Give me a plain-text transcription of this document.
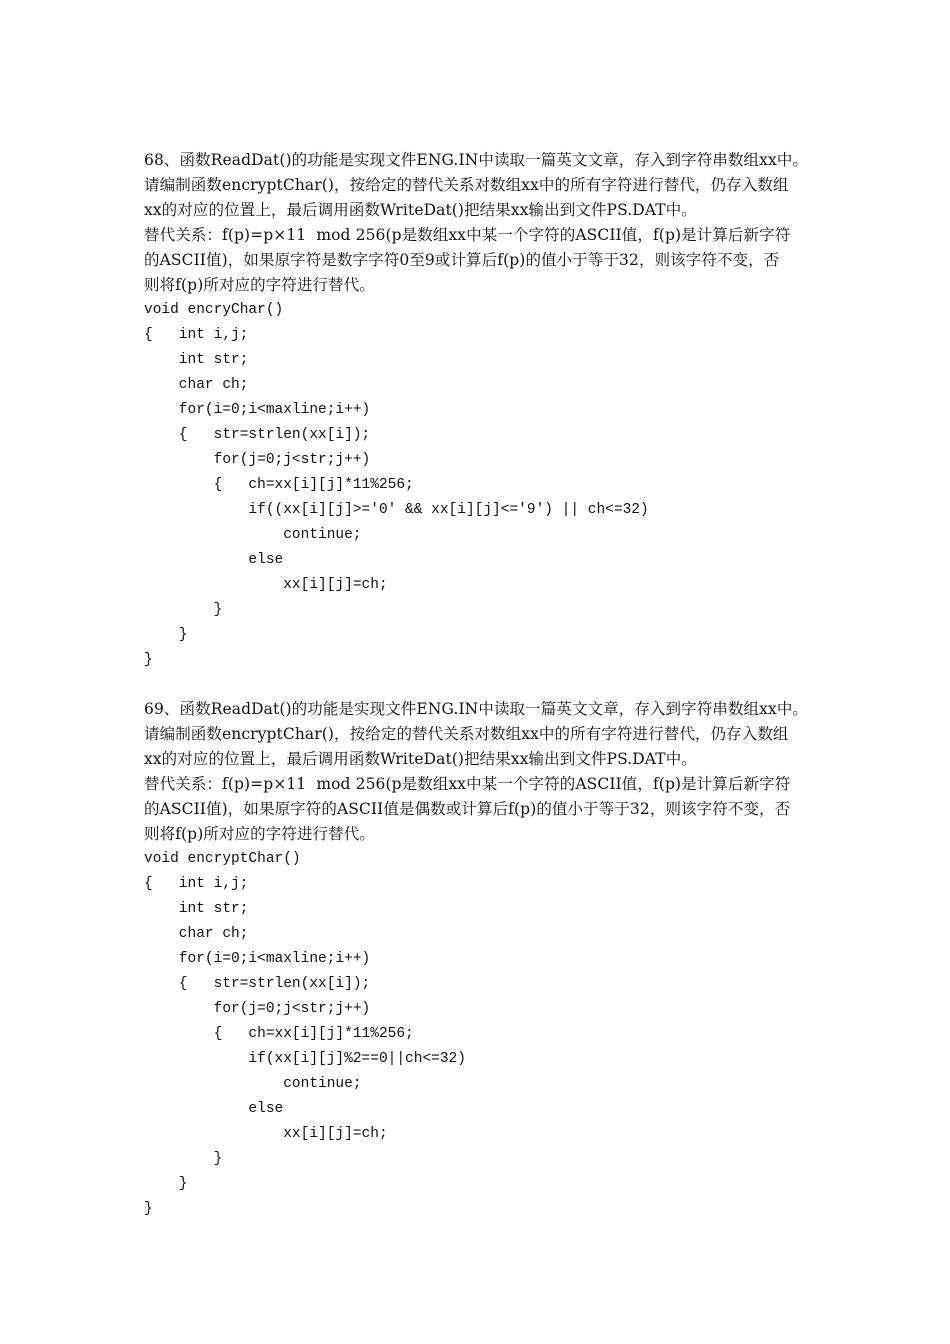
68、函数ReadDat()的功能是实现文件ENG.IN中读取一篇英文文章，存入到字符串数组xx中。
请编制函数encryptChar()，按给定的替代关系对数组xx中的所有字符进行替代，仍存入数组
xx的对应的位置上，最后调用函数WriteDat()把结果xx输出到文件PS.DAT中。
替代关系：f(p)=p×11  mod 256(p是数组xx中某一个字符的ASCII值，f(p)是计算后新字符
的ASCII值)，如果原字符是数字字符0至9或计算后f(p)的值小于等于32，则该字符不变，否
则将f(p)所对应的字符进行替代。
void encryChar()
{   int i,j;
int str;
char ch;
for(i=0;i<maxline;i++)
{   str=strlen(xx[i]);
for(j=0;j<str;j++)
{   ch=xx[i][j]*11%256;
if((xx[i][j]>='0' && xx[i][j]<='9') || ch<=32)
continue;
else
xx[i][j]=ch;
}
}
}
69、函数ReadDat()的功能是实现文件ENG.IN中读取一篇英文文章，存入到字符串数组xx中。
请编制函数encryptChar()，按给定的替代关系对数组xx中的所有字符进行替代，仍存入数组
xx的对应的位置上，最后调用函数WriteDat()把结果xx输出到文件PS.DAT中。
替代关系：f(p)=p×11  mod 256(p是数组xx中某一个字符的ASCII值，f(p)是计算后新字符
的ASCII值)，如果原字符的ASCII值是偶数或计算后f(p)的值小于等于32，则该字符不变，否
则将f(p)所对应的字符进行替代。
void encryptChar()
{   int i,j;
int str;
char ch;
for(i=0;i<maxline;i++)
{   str=strlen(xx[i]);
for(j=0;j<str;j++)
{   ch=xx[i][j]*11%256;
if(xx[i][j]%2==0||ch<=32)
continue;
else
xx[i][j]=ch;
}
}
}
